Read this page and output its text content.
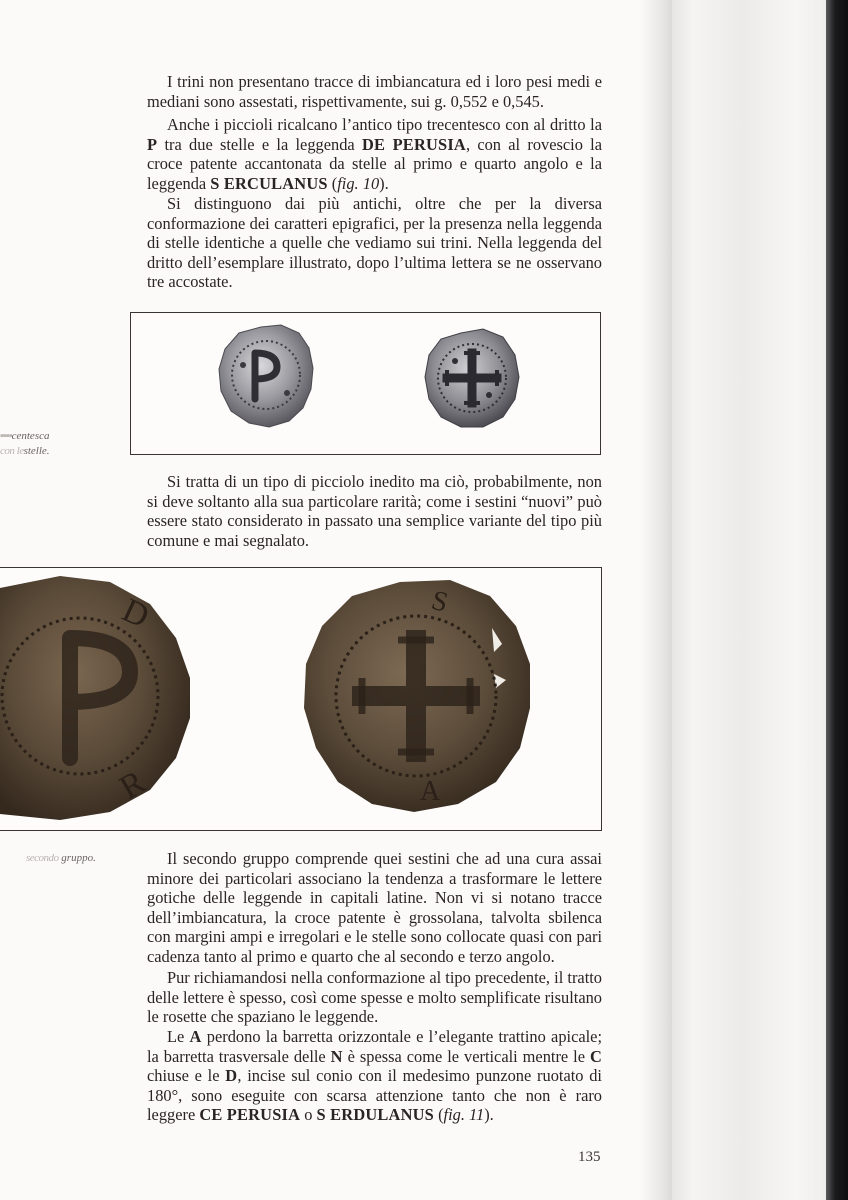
I trini non presentano tracce di imbiancatura ed i loro pesi medi e mediani sono assestati, rispettivamente, sui g. 0,552 e 0,545.

Anche i piccioli ricalcano l’antico tipo trecentesco con al dritto la P tra due stelle e la leggenda DE PERUSIA, con al rovescio la croce patente accantonata da stelle al primo e quarto angolo e la leggenda S ERCULANUS (fig. 10).

Si distinguono dai più antichi, oltre che per la diversa conformazione dei caratteri epigrafici, per la presenza nella leggenda di stelle identiche a quelle che vediamo sui trini. Nella leggenda del dritto dell’esemplare illustrato, dopo l’ultima lettera se ne osservano tre accostate.

▪▪▪▪centesca
con lestelle.

Si tratta di un tipo di picciolo inedito ma ciò, probabilmente, non si deve soltanto alla sua particolare rarità; come i sestini “nuovi” può essere stato considerato in passato una semplice variante del tipo più comune e mai segnalato.

D
R
S
A
secondo gruppo.	Il secondo gruppo comprende quei sestini che ad una cura assai minore dei particolari associano la tendenza a trasformare le lettere gotiche delle leggende in capitali latine. Non vi si notano tracce dell’imbiancatura, la croce patente è grossolana, talvolta sbilenca con margini ampi e irregolari e le stelle sono collocate quasi con pari cadenza tanto al primo e quarto che al secondo e terzo angolo.

Pur richiamandosi nella conformazione al tipo precedente, il tratto delle lettere è spesso, così come spesse e molto semplificate risultano le rosette che spaziano le leggende.

Le A perdono la barretta orizzontale e l’elegante trattino apicale; la barretta trasversale delle N è spessa come le verticali mentre le C chiuse e le D, incise sul conio con il medesimo punzone ruotato di 180°, sono eseguite con scarsa attenzione tanto che non è raro leggere CE PERUSIA o S ERDULANUS (fig. 11).

135
